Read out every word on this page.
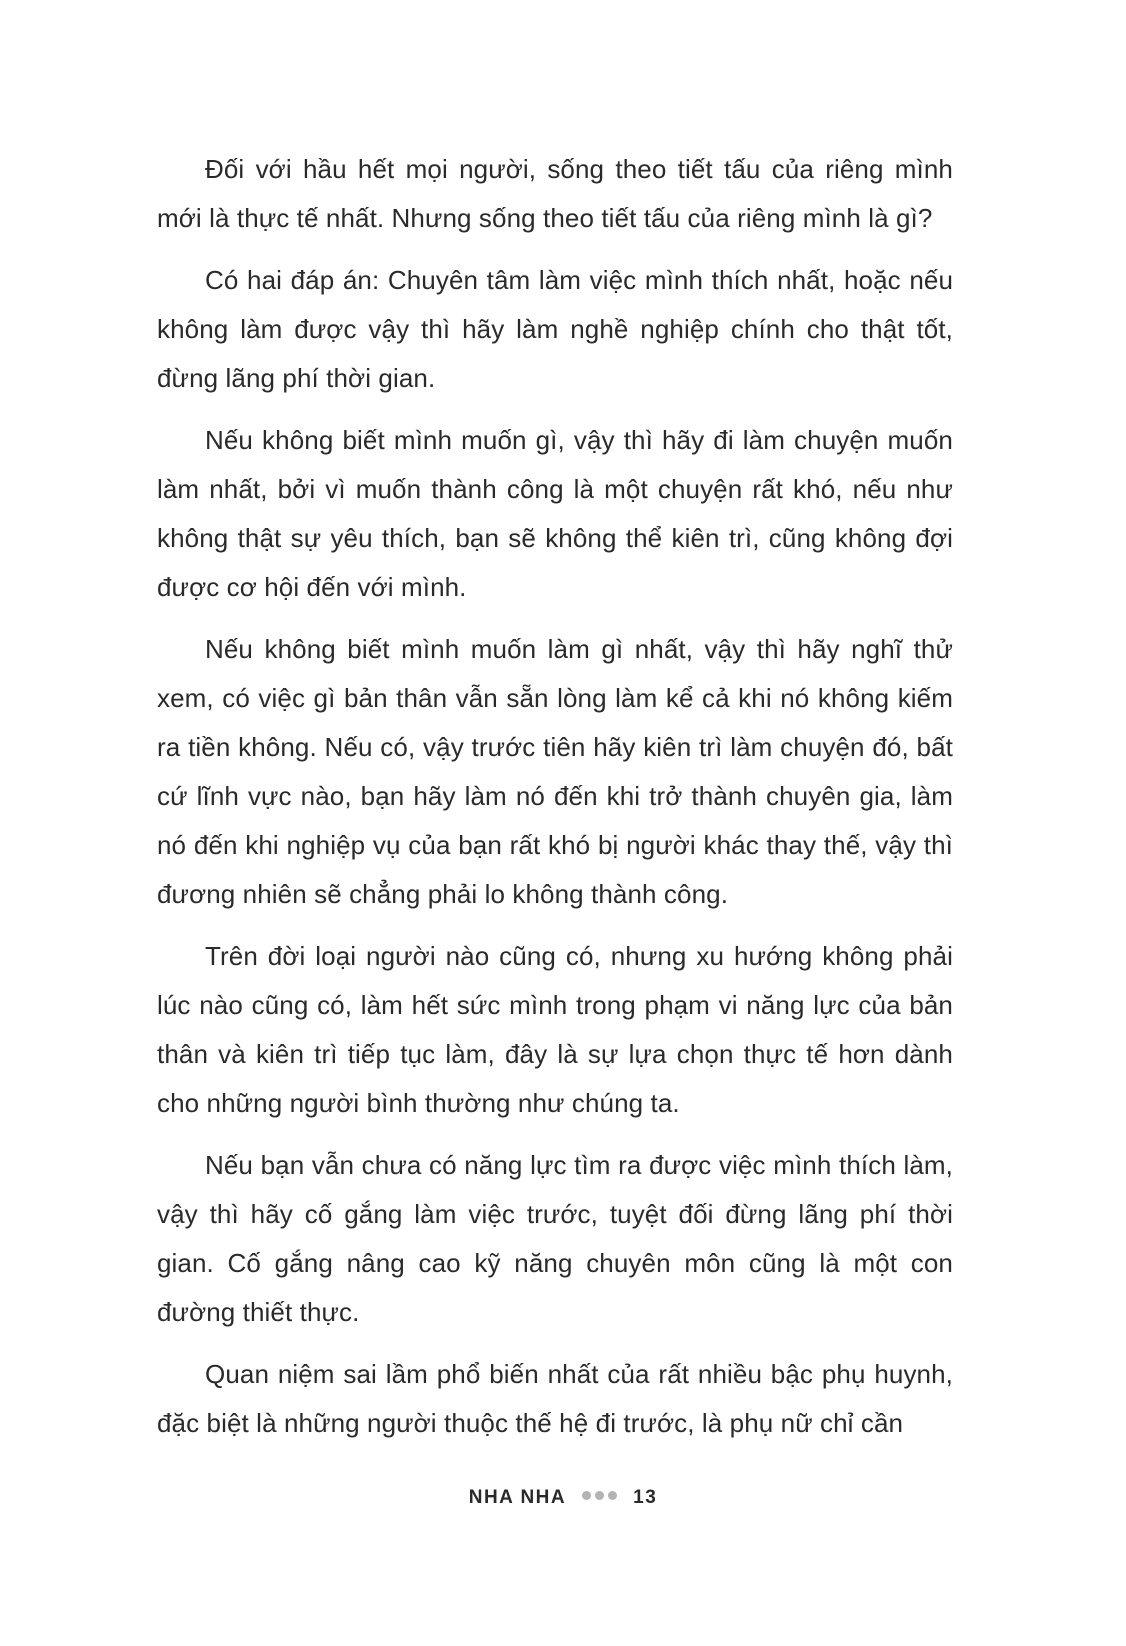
Đối với hầu hết mọi người, sống theo tiết tấu của riêng mình mới là thực tế nhất. Nhưng sống theo tiết tấu của riêng mình là gì?

Có hai đáp án: Chuyên tâm làm việc mình thích nhất, hoặc nếu không làm được vậy thì hãy làm nghề nghiệp chính cho thật tốt, đừng lãng phí thời gian.

Nếu không biết mình muốn gì, vậy thì hãy đi làm chuyện muốn làm nhất, bởi vì muốn thành công là một chuyện rất khó, nếu như không thật sự yêu thích, bạn sẽ không thể kiên trì, cũng không đợi được cơ hội đến với mình.

Nếu không biết mình muốn làm gì nhất, vậy thì hãy nghĩ thử xem, có việc gì bản thân vẫn sẵn lòng làm kể cả khi nó không kiếm ra tiền không. Nếu có, vậy trước tiên hãy kiên trì làm chuyện đó, bất cứ lĩnh vực nào, bạn hãy làm nó đến khi trở thành chuyên gia, làm nó đến khi nghiệp vụ của bạn rất khó bị người khác thay thế, vậy thì đương nhiên sẽ chẳng phải lo không thành công.

Trên đời loại người nào cũng có, nhưng xu hướng không phải lúc nào cũng có, làm hết sức mình trong phạm vi năng lực của bản thân và kiên trì tiếp tục làm, đây là sự lựa chọn thực tế hơn dành cho những người bình thường như chúng ta.

Nếu bạn vẫn chưa có năng lực tìm ra được việc mình thích làm, vậy thì hãy cố gắng làm việc trước, tuyệt đối đừng lãng phí thời gian. Cố gắng nâng cao kỹ năng chuyên môn cũng là một con đường thiết thực.

Quan niệm sai lầm phổ biến nhất của rất nhiều bậc phụ huynh, đặc biệt là những người thuộc thế hệ đi trước, là phụ nữ chỉ cần

NHA NHA	13
